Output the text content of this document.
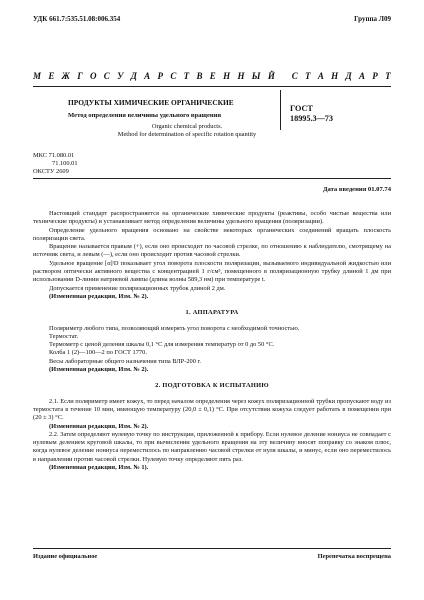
УДК 661.7:535.51.08:006.354	Группа Л09
М Е Ж Г О С У Д А Р С Т В Е Н Н Ы Й
С Т А Н Д А Р Т
ПРОДУКТЫ ХИМИЧЕСКИЕ ОРГАНИЧЕСКИЕ
Метод определения величины удельного вращения
Organic chemical products.
Method for determination of specific rotation quantity
ГОСТ
18995.3—73
МКС 71.080.01
71.100.01
ОКСТУ 2609
Дата введения 01.07.74

Настоящий стандарт распространяется на органические химические продукты (реактивы, особо чистые вещества или технические продукты) и устанавливает метод определения величины удельного вращения (поляризации).

Определение удельного вращения основано на свойстве некоторых органических соединений вращать плоскость поляризации света.

Вращение называется правым (+), если оно происходит по часовой стрелке, по отношению к наблюдателю, смотрящему на источник света, и левым (—), если оно происходит против часовой стрелки.

Удельное вращение [α]ᵗD показывает угол поворота плоскости поляризации, вызываемого индивидуальной жидкостью или раствором оптически активного вещества с концентрацией 1 г/см³, помещенного в поляризационную трубку длиной 1 дм при использовании D-линии натриевой лампы (длина волны 589,3 нм) при температуре t.

Допускается применение поляризационных трубок длиной 2 дм.

(Измененная редакция, Изм. № 2).

1. АППАРАТУРА

Поляриметр любого типа, позволяющий измерять угол поворота с необходимой точностью.

Термостат.

Термометр с ценой деления шкалы 0,1 °С для измерения температур от 0 до 50 °С.

Колба 1 (2)—100—2 по ГОСТ 1770.

Весы лабораторные общего назначения типа ВЛР-200 г.

(Измененная редакция, Изм. № 2).

2. ПОДГОТОВКА К ИСПЫТАНИЮ

2.1. Если поляриметр имеет кожух, то перед началом определения через кожух поляризационной трубки пропускают воду из термостата в течение 10 мин, имеющую температуру (20,0 ± 0,1) °С. При отсутствии кожуха следует работать в помещении при (20 ± 3) °С.

(Измененная редакция, Изм. № 2).

2.2. Затем определяют нулевую точку по инструкции, приложенной к прибору. Если нулевое деление нониуса не совпадает с нулевым делением круговой шкалы, то при вычислении удельного вращения на эту величину вносят поправку со знаком плюс, когда нулевое деление нониуса переместилось по направлению часовой стрелки от нуля шкалы, и минус, если оно переместилось в направлении против часовой стрелки. Нулевую точку определяют пять раз.

(Измененная редакция, Изм. № 1).

Издание официальное	Перепечатка воспрещена
